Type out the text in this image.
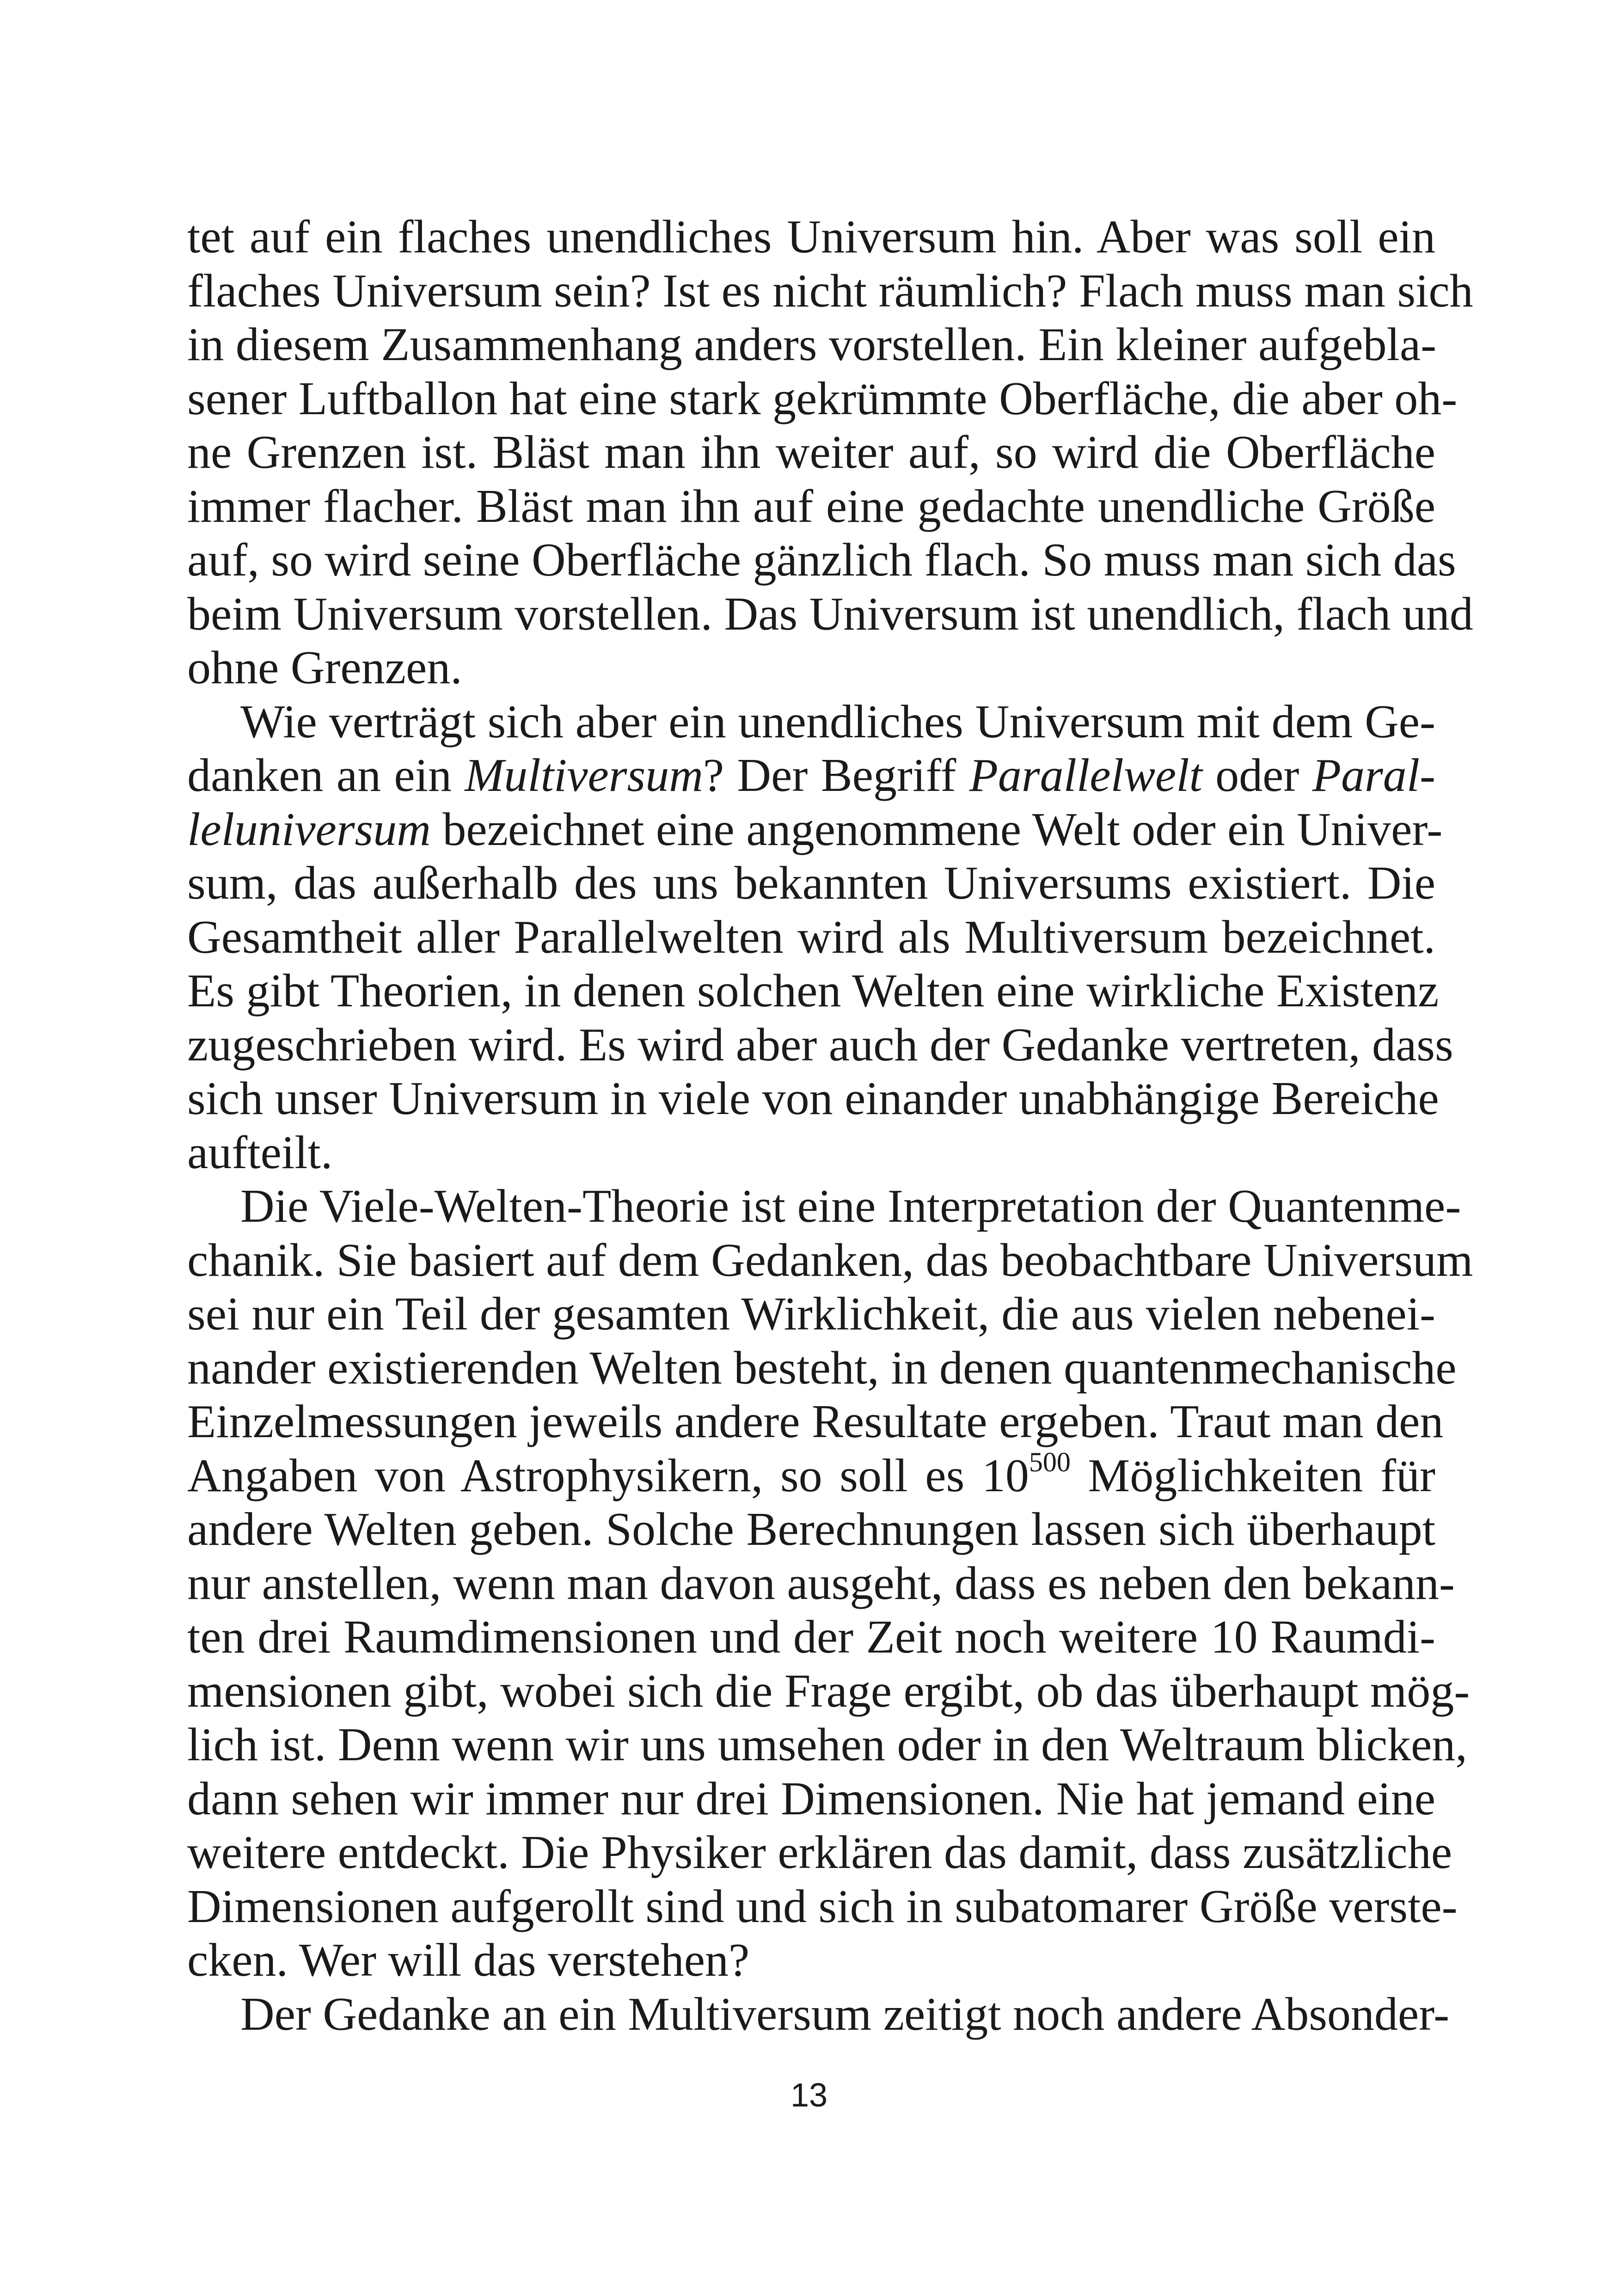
tet auf ein flaches unendliches Universum hin. Aber was soll ein
flaches Universum sein? Ist es nicht räumlich? Flach muss man sich
in diesem Zusammenhang anders vorstellen. Ein kleiner aufgebla-
sener Luftballon hat eine stark gekrümmte Oberfläche, die aber oh-
ne Grenzen ist. Bläst man ihn weiter auf, so wird die Oberfläche
immer flacher. Bläst man ihn auf eine gedachte unendliche Größe
auf, so wird seine Oberfläche gänzlich flach. So muss man sich das
beim Universum vorstellen. Das Universum ist unendlich, flach und
ohne Grenzen.
Wie verträgt sich aber ein unendliches Universum mit dem Ge-
danken an ein Multiversum? Der Begriff Parallelwelt oder Paral-
leluniversum bezeichnet eine angenommene Welt oder ein Univer-
sum, das außerhalb des uns bekannten Universums existiert. Die
Gesamtheit aller Parallelwelten wird als Multiversum bezeichnet.
Es gibt Theorien, in denen solchen Welten eine wirkliche Existenz
zugeschrieben wird. Es wird aber auch der Gedanke vertreten, dass
sich unser Universum in viele von einander unabhängige Bereiche
aufteilt.
Die Viele-Welten-Theorie ist eine Interpretation der Quantenme-
chanik. Sie basiert auf dem Gedanken, das beobachtbare Universum
sei nur ein Teil der gesamten Wirklichkeit, die aus vielen nebenei-
nander existierenden Welten besteht, in denen quantenmechanische
Einzelmessungen jeweils andere Resultate ergeben. Traut man den
Angaben von Astrophysikern, so soll es $10^{500}$ Möglichkeiten für
andere Welten geben. Solche Berechnungen lassen sich überhaupt
nur anstellen, wenn man davon ausgeht, dass es neben den bekann-
ten drei Raumdimensionen und der Zeit noch weitere 10 Raumdi-
mensionen gibt, wobei sich die Frage ergibt, ob das überhaupt mög-
lich ist. Denn wenn wir uns umsehen oder in den Weltraum blicken,
dann sehen wir immer nur drei Dimensionen. Nie hat jemand eine
weitere entdeckt. Die Physiker erklären das damit, dass zusätzliche
Dimensionen aufgerollt sind und sich in subatomarer Größe verste-
cken. Wer will das verstehen?
Der Gedanke an ein Multiversum zeitigt noch andere Absonder-
13
